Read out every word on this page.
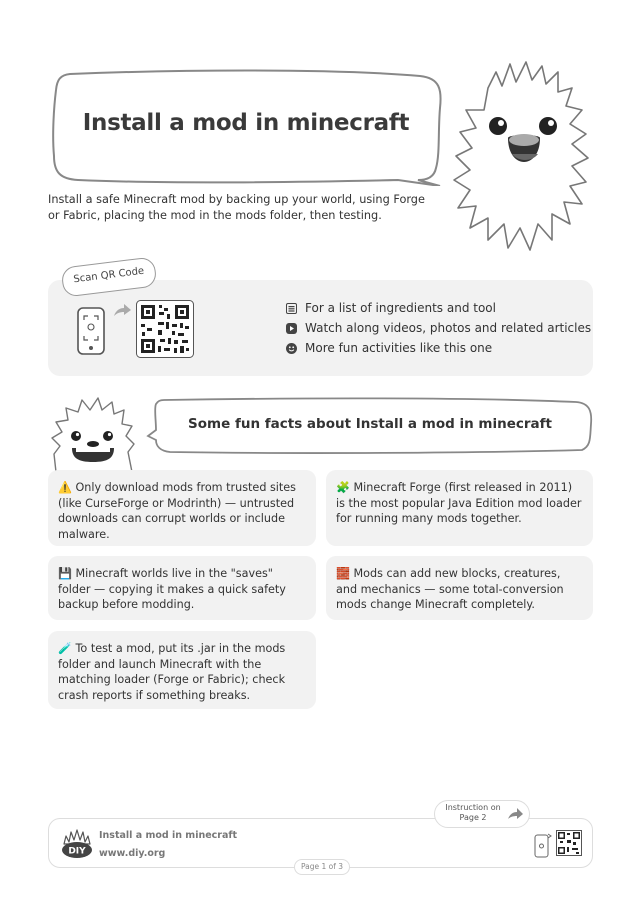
Install a mod in minecraft
Install a safe Minecraft mod by backing up your world, using Forge or Fabric, placing the mod in the mods folder, then testing.
Scan QR Code
For a list of ingredients and tool
Watch along videos, photos and related articles
More fun activities like this one
Some fun facts about Install a mod in minecraft
⚠️ Only download mods from trusted sites (like CurseForge or Modrinth) — untrusted downloads can corrupt worlds or include malware.
🧩 Minecraft Forge (first released in 2011) is the most popular Java Edition mod loader for running many mods together.
💾 Minecraft worlds live in the "saves" folder — copying it makes a quick safety backup before modding.
🧱 Mods can add new blocks, creatures, and mechanics — some total-conversion mods change Minecraft completely.
🧪 To test a mod, put its .jar in the mods folder and launch Minecraft with the matching loader (Forge or Fabric); check crash reports if something breaks.
DIY
Install a mod in minecraft
www.diy.org
Page 1 of 3
Instruction on Page 2
